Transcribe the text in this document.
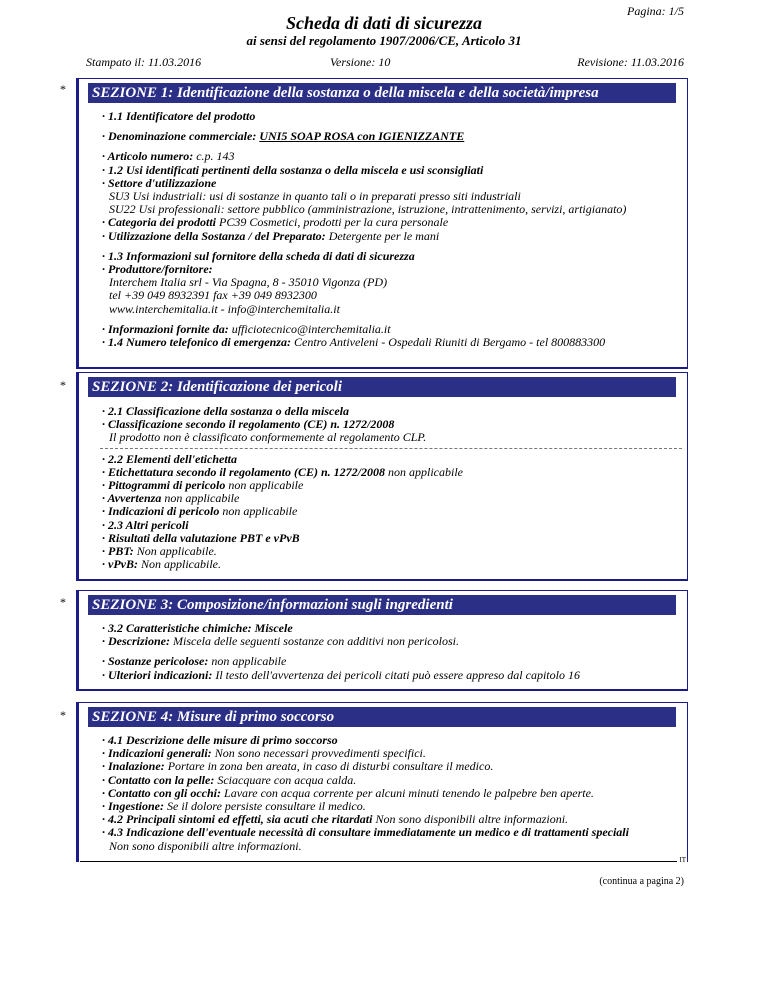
Pagina: 1/5
Scheda di dati di sicurezza
ai sensi del regolamento 1907/2006/CE, Articolo 31
Stampato il: 11.03.2016	Versione: 10	Revisione: 11.03.2016
* SEZIONE 1: Identificazione della sostanza o della miscela e della società/impresa

· 1.1 Identificatore del prodotto

· Denominazione commerciale: UNI5 SOAP ROSA con IGIENIZZANTE

· Articolo numero: c.p. 143

· 1.2 Usi identificati pertinenti della sostanza o della miscela e usi sconsigliati

· Settore d'utilizzazione

SU3 Usi industriali: usi di sostanze in quanto tali o in preparati presso siti industriali

SU22 Usi professionali: settore pubblico (amministrazione, istruzione, intrattenimento, servizi, artigianato)

· Categoria dei prodotti PC39 Cosmetici, prodotti per la cura personale

· Utilizzazione della Sostanza / del Preparato: Detergente per le mani

· 1.3 Informazioni sul fornitore della scheda di dati di sicurezza

· Produttore/fornitore:

Interchem Italia srl - Via Spagna, 8 - 35010 Vigonza (PD)

tel +39 049 8932391 fax +39 049 8932300

www.interchemitalia.it - info@interchemitalia.it

· Informazioni fornite da: ufficiotecnico@interchemitalia.it

· 1.4 Numero telefonico di emergenza: Centro Antiveleni - Ospedali Riuniti di Bergamo - tel 800883300

* SEZIONE 2: Identificazione dei pericoli

· 2.1 Classificazione della sostanza o della miscela

· Classificazione secondo il regolamento (CE) n. 1272/2008

Il prodotto non è classificato conformemente al regolamento CLP.

· 2.2 Elementi dell'etichetta

· Etichettatura secondo il regolamento (CE) n. 1272/2008 non applicabile

· Pittogrammi di pericolo non applicabile

· Avvertenza non applicabile

· Indicazioni di pericolo non applicabile

· 2.3 Altri pericoli

· Risultati della valutazione PBT e vPvB

· PBT: Non applicabile.

· vPvB: Non applicabile.

* SEZIONE 3: Composizione/informazioni sugli ingredienti

· 3.2 Caratteristiche chimiche: Miscele

· Descrizione: Miscela delle seguenti sostanze con additivi non pericolosi.

· Sostanze pericolose: non applicabile

· Ulteriori indicazioni: Il testo dell'avvertenza dei pericoli citati può essere appreso dal capitolo 16

* SEZIONE 4: Misure di primo soccorso

· 4.1 Descrizione delle misure di primo soccorso

· Indicazioni generali: Non sono necessari provvedimenti specifici.

· Inalazione: Portare in zona ben areata, in caso di disturbi consultare il medico.

· Contatto con la pelle: Sciacquare con acqua calda.

· Contatto con gli occhi: Lavare con acqua corrente per alcuni minuti tenendo le palpebre ben aperte.

· Ingestione: Se il dolore persiste consultare il medico.

· 4.2 Principali sintomi ed effetti, sia acuti che ritardati Non sono disponibili altre informazioni.

· 4.3 Indicazione dell'eventuale necessità di consultare immediatamente un medico e di trattamenti speciali

Non sono disponibili altre informazioni.

IT
(continua a pagina 2)
